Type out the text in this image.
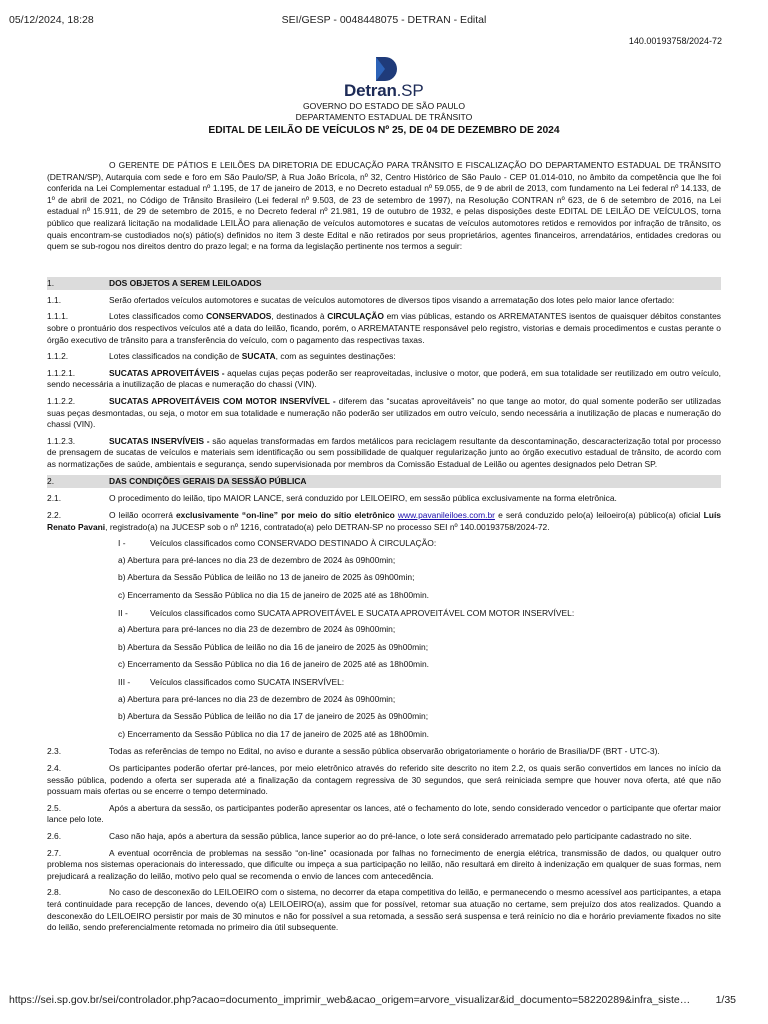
05/12/2024, 18:28	SEI/GESP - 0048448075 - DETRAN - Edital
140.00193758/2024-72
Detran.SP
GOVERNO DO ESTADO DE SÃO PAULO
DEPARTAMENTO ESTADUAL DE TRÂNSITO
EDITAL DE LEILÃO DE VEÍCULOS Nº 25, DE 04 DE DEZEMBRO DE 2024

O GERENTE DE PÁTIOS E LEILÕES DA DIRETORIA DE EDUCAÇÃO PARA TRÂNSITO E FISCALIZAÇÃO DO DEPARTAMENTO ESTADUAL DE TRÂNSITO (DETRAN/SP), Autarquia com sede e foro em São Paulo/SP, à Rua João Brícola, nº 32, Centro Histórico de São Paulo - CEP 01.014-010, no âmbito da competência que lhe foi conferida na Lei Complementar estadual nº 1.195, de 17 de janeiro de 2013, e no Decreto estadual nº 59.055, de 9 de abril de 2013, com fundamento na Lei federal nº 14.133, de 1º de abril de 2021, no Código de Trânsito Brasileiro (Lei federal nº 9.503, de 23 de setembro de 1997), na Resolução CONTRAN nº 623, de 6 de setembro de 2016, na Lei estadual nº 15.911, de 29 de setembro de 2015, e no Decreto federal nº 21.981, 19 de outubro de 1932, e pelas disposições deste EDITAL DE LEILÃO DE VEÍCULOS, torna público que realizará licitação na modalidade LEILÃO para alienação de veículos automotores e sucatas de veículos automotores retidos e removidos por infração de trânsito, os quais encontram-se custodiados no(s) pátio(s) definidos no item 3 deste Edital e não retirados por seus proprietários, agentes financeiros, arrendatários, entidades credoras ou quem se sub-rogou nos direitos dentro do prazo legal; e na forma da legislação pertinente nos termos a seguir:

1.	DOS OBJETOS A SEREM LEILOADOS

1.1.	Serão ofertados veículos automotores e sucatas de veículos automotores de diversos tipos visando a arrematação dos lotes pelo maior lance ofertado:

1.1.1.	Lotes classificados como CONSERVADOS, destinados à CIRCULAÇÃO em vias públicas, estando os ARREMATANTES isentos de quaisquer débitos constantes sobre o prontuário dos respectivos veículos até a data do leilão, ficando, porém, o ARREMATANTE responsável pelo registro, vistorias e demais procedimentos e custas perante o órgão executivo de trânsito para a transferência do veículo, com o pagamento das respectivas taxas.

1.1.2.	Lotes classificados na condição de SUCATA, com as seguintes destinações:

1.1.2.1.	SUCATAS APROVEITÁVEIS - aquelas cujas peças poderão ser reaproveitadas, inclusive o motor, que poderá, em sua totalidade ser reutilizado em outro veículo, sendo necessária a inutilização de placas e numeração do chassi (VIN).

1.1.2.2.	SUCATAS APROVEITÁVEIS COM MOTOR INSERVÍVEL - diferem das “sucatas aproveitáveis” no que tange ao motor, do qual somente poderão ser utilizadas suas peças desmontadas, ou seja, o motor em sua totalidade e numeração não poderão ser utilizados em outro veículo, sendo necessária a inutilização de placas e numeração do chassi (VIN).

1.1.2.3.	SUCATAS INSERVÍVEIS - são aquelas transformadas em fardos metálicos para reciclagem resultante da descontaminação, descaracterização total por processo de prensagem de sucatas de veículos e materiais sem identificação ou sem possibilidade de qualquer regularização junto ao órgão executivo estadual de trânsito, de acordo com as normatizações de saúde, ambientais e segurança, sendo supervisionada por membros da Comissão Estadual de Leilão ou agentes designados pelo Detran SP.

2.	DAS CONDIÇÕES GERAIS DA SESSÃO PÚBLICA

2.1.	O procedimento do leilão, tipo MAIOR LANCE, será conduzido por LEILOEIRO, em sessão pública exclusivamente na forma eletrônica.

2.2.	O leilão ocorrerá exclusivamente “on-line” por meio do sítio eletrônico www.pavanileiloes.com.br e será conduzido pelo(a) leiloeiro(a) público(a) oficial Luís Renato Pavani, registrado(a) na JUCESP sob o nº 1216, contratado(a) pelo DETRAN-SP no processo SEI nº 140.00193758/2024-72.

I -	Veículos classificados como CONSERVADO DESTINADO À CIRCULAÇÃO:
a) Abertura para pré-lances no dia 23 de dezembro de 2024 às 09h00min;
b) Abertura da Sessão Pública de leilão no 13 de janeiro de 2025 às 09h00min;
c) Encerramento da Sessão Pública no dia 15 de janeiro de 2025 até as 18h00min.
II -	Veículos classificados como SUCATA APROVEITÁVEL E SUCATA APROVEITÁVEL COM MOTOR INSERVÍVEL:
a) Abertura para pré-lances no dia 23 de dezembro de 2024 às 09h00min;
b) Abertura da Sessão Pública de leilão no dia 16 de janeiro de 2025 às 09h00min;
c) Encerramento da Sessão Pública no dia 16 de janeiro de 2025 até as 18h00min.
III - Veículos classificados como SUCATA INSERVÍVEL:
a) Abertura para pré-lances no dia 23 de dezembro de 2024 às 09h00min;
b) Abertura da Sessão Pública de leilão no dia 17 de janeiro de 2025 às 09h00min;
c) Encerramento da Sessão Pública no dia 17 de janeiro de 2025 até as 18h00min.

2.3.	Todas as referências de tempo no Edital, no aviso e durante a sessão pública observarão obrigatoriamente o horário de Brasília/DF (BRT - UTC-3).

2.4.	Os participantes poderão ofertar pré-lances, por meio eletrônico através do referido site descrito no item 2.2, os quais serão convertidos em lances no início da sessão pública, podendo a oferta ser superada até a finalização da contagem regressiva de 30 segundos, que será reiniciada sempre que houver nova oferta, até que não possuam mais ofertas ou se encerre o tempo determinado.

2.5.	Após a abertura da sessão, os participantes poderão apresentar os lances, até o fechamento do lote, sendo considerado vencedor o participante que ofertar maior lance pelo lote.

2.6.	Caso não haja, após a abertura da sessão pública, lance superior ao do pré-lance, o lote será considerado arrematado pelo participante cadastrado no site.

2.7.	A eventual ocorrência de problemas na sessão “on-line” ocasionada por falhas no fornecimento de energia elétrica, transmissão de dados, ou qualquer outro problema nos sistemas operacionais do interessado, que dificulte ou impeça a sua participação no leilão, não resultará em direito à indenização em qualquer de suas formas, nem prejudicará a realização do leilão, motivo pelo qual se recomenda o envio de lances com antecedência.

2.8.	No caso de desconexão do LEILOEIRO com o sistema, no decorrer da etapa competitiva do leilão, e permanecendo o mesmo acessível aos participantes, a etapa terá continuidade para recepção de lances, devendo o(a) LEILOEIRO(a), assim que for possível, retomar sua atuação no certame, sem prejuízo dos atos realizados. Quando a desconexão do LEILOEIRO persistir por mais de 30 minutos e não for possível a sua retomada, a sessão será suspensa e terá reinício no dia e horário previamente fixados no site do leilão, sendo preferencialmente retomada no primeiro dia útil subsequente.

https://sei.sp.gov.br/sei/controlador.php?acao=documento_imprimir_web&acao_origem=arvore_visualizar&id_documento=58220289&infra_siste…	1/35
